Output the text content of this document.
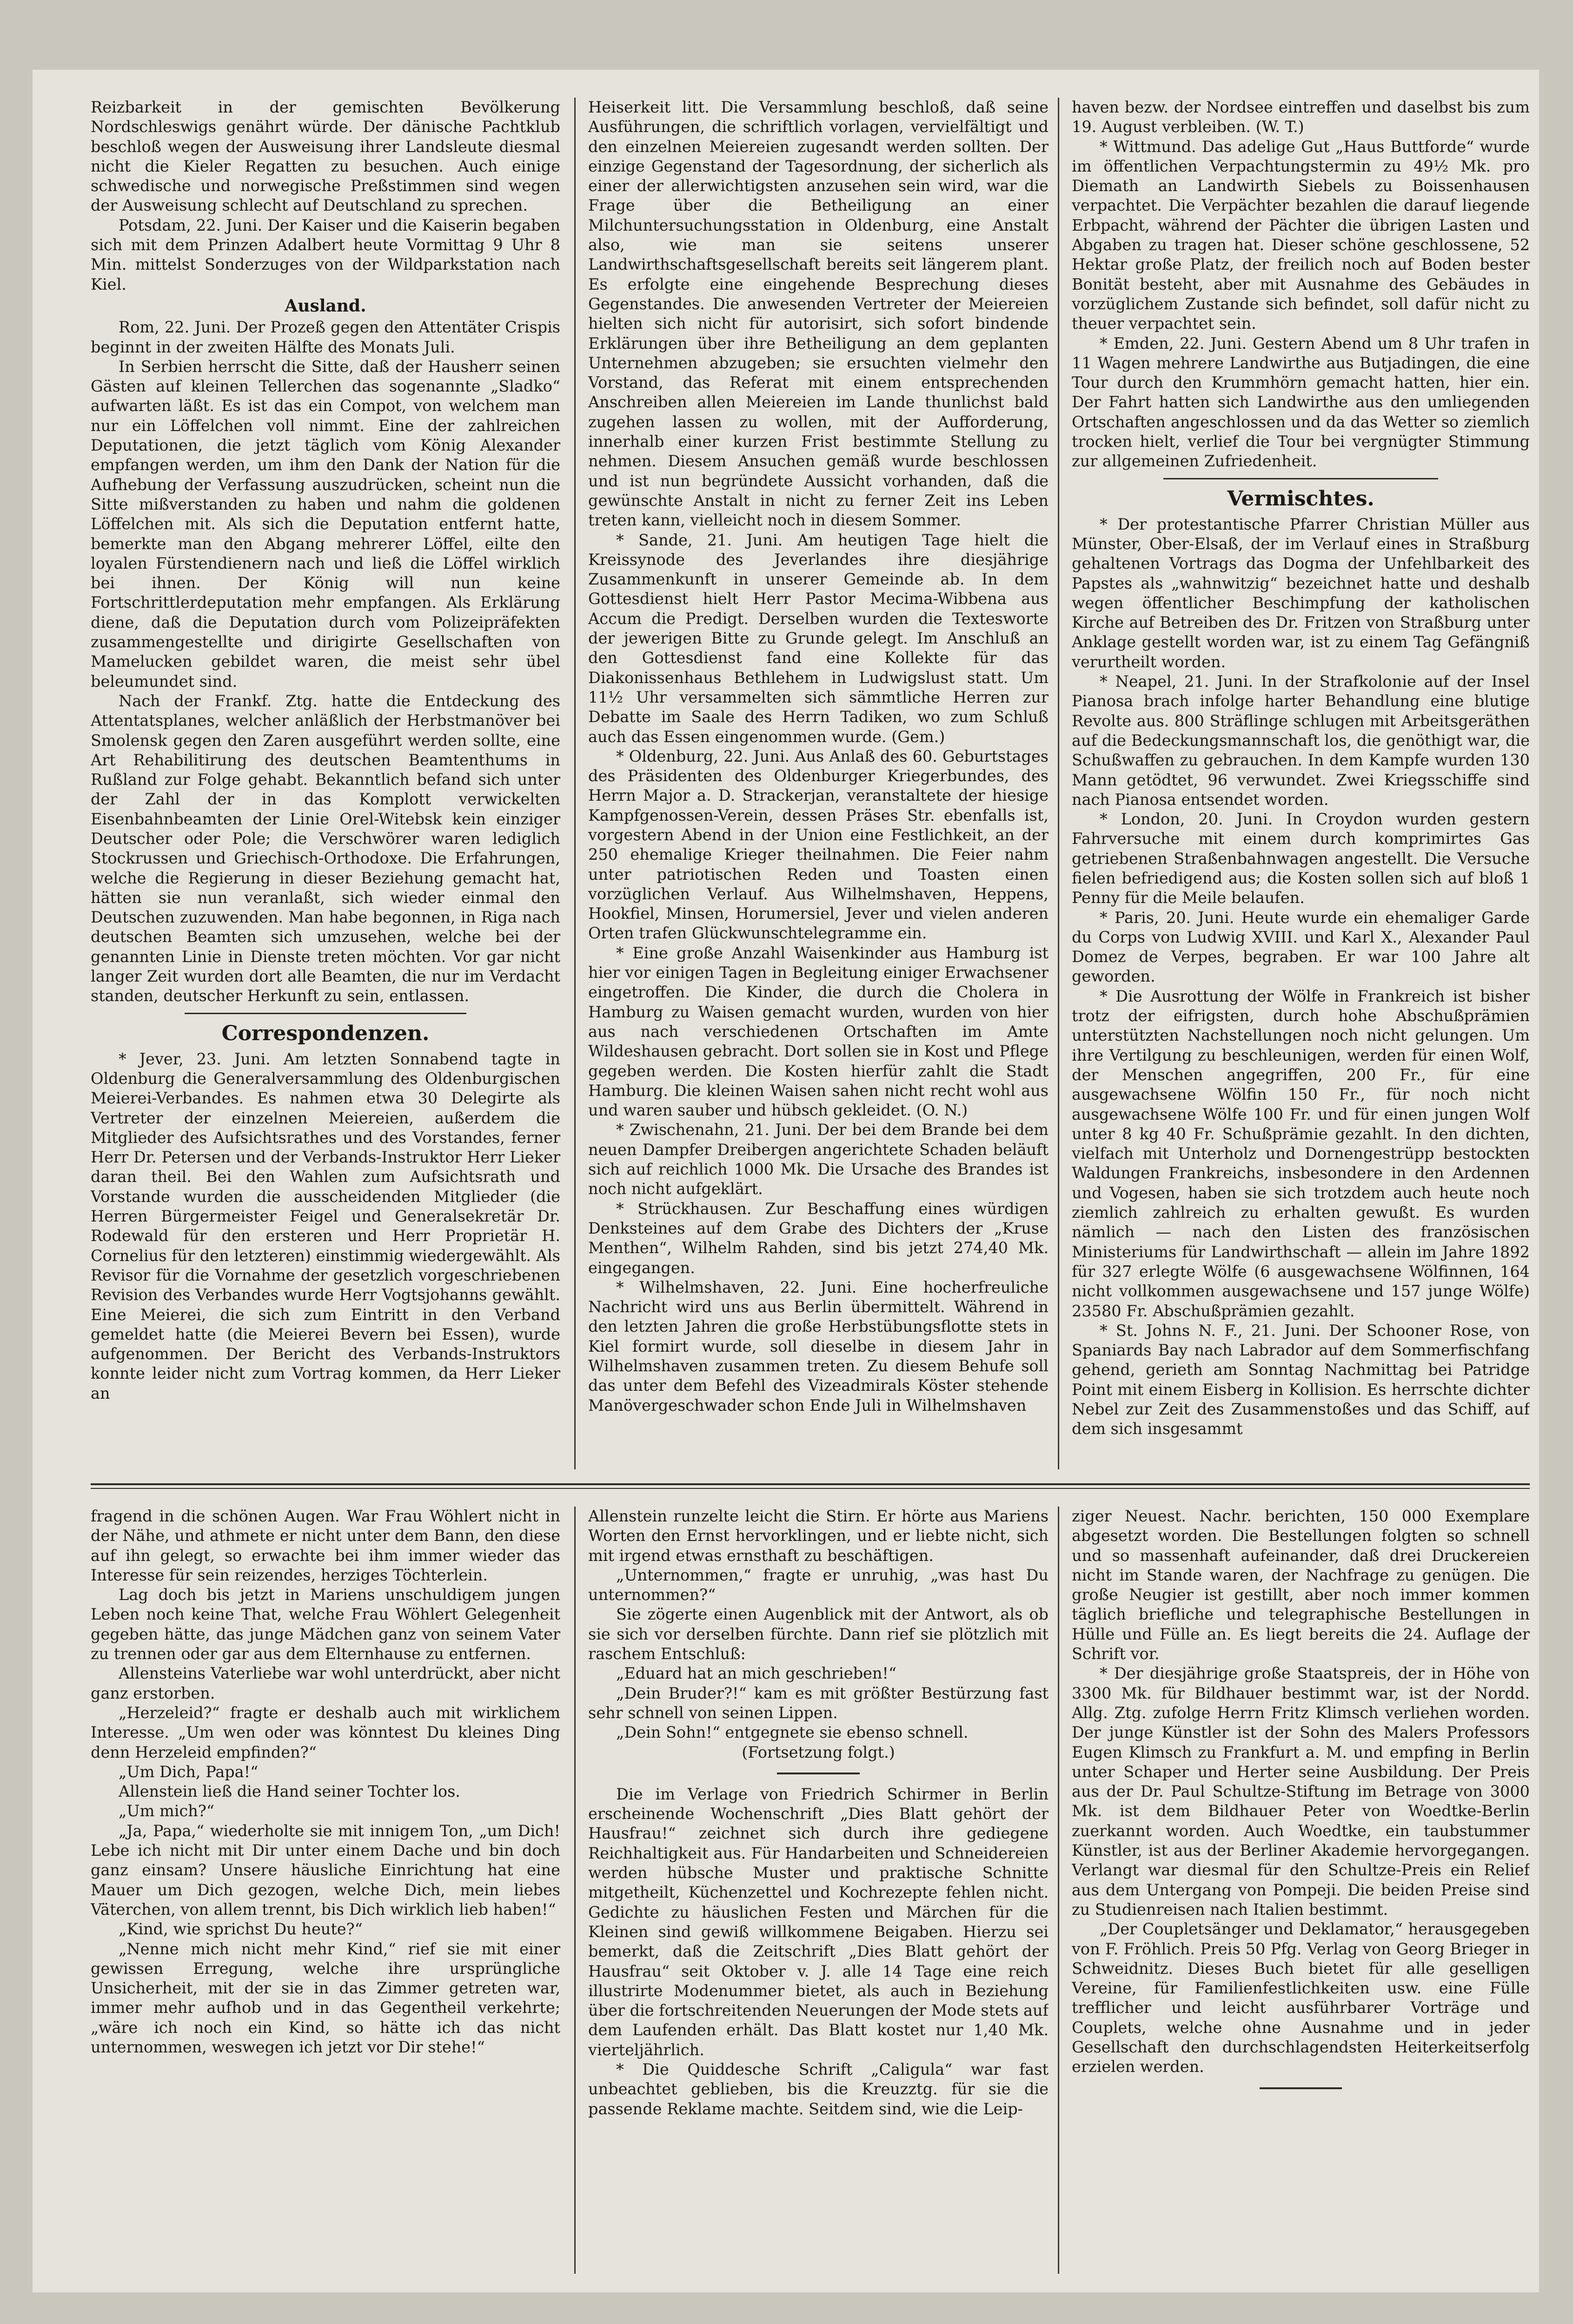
Reizbarkeit in der gemischten Bevölkerung Nordschleswigs genährt würde. Der dänische Pachtklub beschloß wegen der Ausweisung ihrer Landsleute diesmal nicht die Kieler Regatten zu besuchen. Auch einige schwedische und norwegische Preßstimmen sind wegen der Ausweisung schlecht auf Deutschland zu sprechen.

Potsdam, 22. Juni. Der Kaiser und die Kaiserin begaben sich mit dem Prinzen Adalbert heute Vormittag 9 Uhr 8 Min. mittelst Sonderzuges von der Wildparkstation nach Kiel.

Ausland.

Rom, 22. Juni. Der Prozeß gegen den Attentäter Crispis beginnt in der zweiten Hälfte des Monats Juli.

In Serbien herrscht die Sitte, daß der Hausherr seinen Gästen auf kleinen Tellerchen das sogenannte „Sladko“ aufwarten läßt. Es ist das ein Compot, von welchem man nur ein Löffelchen voll nimmt. Eine der zahlreichen Deputationen, die jetzt täglich vom König Alexander empfangen werden, um ihm den Dank der Nation für die Aufhebung der Verfassung auszudrücken, scheint nun die Sitte mißverstanden zu haben und nahm die goldenen Löffelchen mit. Als sich die Deputation entfernt hatte, bemerkte man den Abgang mehrerer Löffel, eilte den loyalen Fürstendienern nach und ließ die Löffel wirklich bei ihnen. Der König will nun keine Fortschrittlerdeputation mehr empfangen. Als Erklärung diene, daß die Deputation durch vom Polizeipräfekten zusammengestellte und dirigirte Gesellschaften von Mamelucken gebildet waren, die meist sehr übel beleumundet sind.

Nach der Frankf. Ztg. hatte die Entdeckung des Attentatsplanes, welcher anläßlich der Herbstmanöver bei Smolensk gegen den Zaren ausgeführt werden sollte, eine Art Rehabilitirung des deutschen Beamtenthums in Rußland zur Folge gehabt. Bekanntlich befand sich unter der Zahl der in das Komplott verwickelten Eisenbahnbeamten der Linie Orel-Witebsk kein einziger Deutscher oder Pole; die Verschwörer waren lediglich Stockrussen und Griechisch-Orthodoxe. Die Erfahrungen, welche die Regierung in dieser Beziehung gemacht hat, hätten sie nun veranlaßt, sich wieder einmal den Deutschen zuzuwenden. Man habe begonnen, in Riga nach deutschen Beamten sich umzusehen, welche bei der genannten Linie in Dienste treten möchten. Vor gar nicht langer Zeit wurden dort alle Beamten, die nur im Verdacht standen, deutscher Herkunft zu sein, entlassen.

Correspondenzen.

* Jever, 23. Juni. Am letzten Sonnabend tagte in Oldenburg die Generalversammlung des Oldenburgischen Meierei-Verbandes. Es nahmen etwa 30 Delegirte als Vertreter der einzelnen Meiereien, außerdem die Mitglieder des Aufsichtsrathes und des Vorstandes, ferner Herr Dr. Petersen und der Verbands-Instruktor Herr Lieker daran theil. Bei den Wahlen zum Aufsichtsrath und Vorstande wurden die ausscheidenden Mitglieder (die Herren Bürgermeister Feigel und Generalsekretär Dr. Rodewald für den ersteren und Herr Proprietär H. Cornelius für den letzteren) einstimmig wiedergewählt. Als Revisor für die Vornahme der gesetzlich vorgeschriebenen Revision des Verbandes wurde Herr Vogtsjohanns gewählt. Eine Meierei, die sich zum Eintritt in den Verband gemeldet hatte (die Meierei Bevern bei Essen), wurde aufgenommen. Der Bericht des Verbands-Instruktors konnte leider nicht zum Vortrag kommen, da Herr Lieker an

Heiserkeit litt. Die Versammlung beschloß, daß seine Ausführungen, die schriftlich vorlagen, vervielfältigt und den einzelnen Meiereien zugesandt werden sollten. Der einzige Gegenstand der Tagesordnung, der sicherlich als einer der allerwichtigsten anzusehen sein wird, war die Frage über die Betheiligung an einer Milchuntersuchungsstation in Oldenburg, eine Anstalt also, wie man sie seitens unserer Landwirthschaftsgesellschaft bereits seit längerem plant. Es erfolgte eine eingehende Besprechung dieses Gegenstandes. Die anwesenden Vertreter der Meiereien hielten sich nicht für autorisirt, sich sofort bindende Erklärungen über ihre Betheiligung an dem geplanten Unternehmen abzugeben; sie ersuchten vielmehr den Vorstand, das Referat mit einem entsprechenden Anschreiben allen Meiereien im Lande thunlichst bald zugehen lassen zu wollen, mit der Aufforderung, innerhalb einer kurzen Frist bestimmte Stellung zu nehmen. Diesem Ansuchen gemäß wurde beschlossen und ist nun begründete Aussicht vorhanden, daß die gewünschte Anstalt in nicht zu ferner Zeit ins Leben treten kann, vielleicht noch in diesem Sommer.

* Sande, 21. Juni. Am heutigen Tage hielt die Kreissynode des Jeverlandes ihre diesjährige Zusammenkunft in unserer Gemeinde ab. In dem Gottesdienst hielt Herr Pastor Mecima-Wibbena aus Accum die Predigt. Derselben wurden die Textesworte der jewerigen Bitte zu Grunde gelegt. Im Anschluß an den Gottesdienst fand eine Kollekte für das Diakonissenhaus Bethlehem in Ludwigslust statt. Um 11½ Uhr versammelten sich sämmtliche Herren zur Debatte im Saale des Herrn Tadiken, wo zum Schluß auch das Essen eingenommen wurde. (Gem.)

* Oldenburg, 22. Juni. Aus Anlaß des 60. Geburtstages des Präsidenten des Oldenburger Kriegerbundes, des Herrn Major a. D. Strackerjan, veranstaltete der hiesige Kampfgenossen-Verein, dessen Präses Str. ebenfalls ist, vorgestern Abend in der Union eine Festlichkeit, an der 250 ehemalige Krieger theilnahmen. Die Feier nahm unter patriotischen Reden und Toasten einen vorzüglichen Verlauf. Aus Wilhelmshaven, Heppens, Hookfiel, Minsen, Horumersiel, Jever und vielen anderen Orten trafen Glückwunschtelegramme ein.

* Eine große Anzahl Waisenkinder aus Hamburg ist hier vor einigen Tagen in Begleitung einiger Erwachsener eingetroffen. Die Kinder, die durch die Cholera in Hamburg zu Waisen gemacht wurden, wurden von hier aus nach verschiedenen Ortschaften im Amte Wildeshausen gebracht. Dort sollen sie in Kost und Pflege gegeben werden. Die Kosten hierfür zahlt die Stadt Hamburg. Die kleinen Waisen sahen nicht recht wohl aus und waren sauber und hübsch gekleidet. (O. N.)

* Zwischenahn, 21. Juni. Der bei dem Brande bei dem neuen Dampfer Dreibergen angerichtete Schaden beläuft sich auf reichlich 1000 Mk. Die Ursache des Brandes ist noch nicht aufgeklärt.

* Strückhausen. Zur Beschaffung eines würdigen Denksteines auf dem Grabe des Dichters der „Kruse Menthen“, Wilhelm Rahden, sind bis jetzt 274,40 Mk. eingegangen.

* Wilhelmshaven, 22. Juni. Eine hocherfreuliche Nachricht wird uns aus Berlin übermittelt. Während in den letzten Jahren die große Herbstübungsflotte stets in Kiel formirt wurde, soll dieselbe in diesem Jahr in Wilhelmshaven zusammen treten. Zu diesem Behufe soll das unter dem Befehl des Vizeadmirals Köster stehende Manövergeschwader schon Ende Juli in Wilhelmshaven

haven bezw. der Nordsee eintreffen und daselbst bis zum 19. August verbleiben. (W. T.)

* Wittmund. Das adelige Gut „Haus Buttforde“ wurde im öffentlichen Verpachtungstermin zu 49½ Mk. pro Diemath an Landwirth Siebels zu Boissenhausen verpachtet. Die Verpächter bezahlen die darauf liegende Erbpacht, während der Pächter die übrigen Lasten und Abgaben zu tragen hat. Dieser schöne geschlossene, 52 Hektar große Platz, der freilich noch auf Boden bester Bonität besteht, aber mit Ausnahme des Gebäudes in vorzüglichem Zustande sich befindet, soll dafür nicht zu theuer verpachtet sein.

* Emden, 22. Juni. Gestern Abend um 8 Uhr trafen in 11 Wagen mehrere Landwirthe aus Butjadingen, die eine Tour durch den Krummhörn gemacht hatten, hier ein. Der Fahrt hatten sich Landwirthe aus den umliegenden Ortschaften angeschlossen und da das Wetter so ziemlich trocken hielt, verlief die Tour bei vergnügter Stimmung zur allgemeinen Zufriedenheit.

Vermischtes.

* Der protestantische Pfarrer Christian Müller aus Münster, Ober-Elsaß, der im Verlauf eines in Straßburg gehaltenen Vortrags das Dogma der Unfehlbarkeit des Papstes als „wahnwitzig“ bezeichnet hatte und deshalb wegen öffentlicher Beschimpfung der katholischen Kirche auf Betreiben des Dr. Fritzen von Straßburg unter Anklage gestellt worden war, ist zu einem Tag Gefängniß verurtheilt worden.

* Neapel, 21. Juni. In der Strafkolonie auf der Insel Pianosa brach infolge harter Behandlung eine blutige Revolte aus. 800 Sträflinge schlugen mit Arbeitsgeräthen auf die Bedeckungsmannschaft los, die genöthigt war, die Schußwaffen zu gebrauchen. In dem Kampfe wurden 130 Mann getödtet, 96 verwundet. Zwei Kriegsschiffe sind nach Pianosa entsendet worden.

* London, 20. Juni. In Croydon wurden gestern Fahrversuche mit einem durch komprimirtes Gas getriebenen Straßenbahnwagen angestellt. Die Versuche fielen befriedigend aus; die Kosten sollen sich auf bloß 1 Penny für die Meile belaufen.

* Paris, 20. Juni. Heute wurde ein ehemaliger Garde du Corps von Ludwig XVIII. und Karl X., Alexander Paul Domez de Verpes, begraben. Er war 100 Jahre alt geworden.

* Die Ausrottung der Wölfe in Frankreich ist bisher trotz der eifrigsten, durch hohe Abschußprämien unterstützten Nachstellungen noch nicht gelungen. Um ihre Vertilgung zu beschleunigen, werden für einen Wolf, der Menschen angegriffen, 200 Fr., für eine ausgewachsene Wölfin 150 Fr., für noch nicht ausgewachsene Wölfe 100 Fr. und für einen jungen Wolf unter 8 kg 40 Fr. Schußprämie gezahlt. In den dichten, vielfach mit Unterholz und Dornengestrüpp bestockten Waldungen Frankreichs, insbesondere in den Ardennen und Vogesen, haben sie sich trotzdem auch heute noch ziemlich zahlreich zu erhalten gewußt. Es wurden nämlich — nach den Listen des französischen Ministeriums für Landwirthschaft — allein im Jahre 1892 für 327 erlegte Wölfe (6 ausgewachsene Wölfinnen, 164 nicht vollkommen ausgewachsene und 157 junge Wölfe) 23580 Fr. Abschußprämien gezahlt.

* St. Johns N. F., 21. Juni. Der Schooner Rose, von Spaniards Bay nach Labrador auf dem Sommerfischfang gehend, gerieth am Sonntag Nachmittag bei Patridge Point mit einem Eisberg in Kollision. Es herrschte dichter Nebel zur Zeit des Zusammenstoßes und das Schiff, auf dem sich insgesammt

fragend in die schönen Augen. War Frau Wöhlert nicht in der Nähe, und athmete er nicht unter dem Bann, den diese auf ihn gelegt, so erwachte bei ihm immer wieder das Interesse für sein reizendes, herziges Töchterlein.

Lag doch bis jetzt in Mariens unschuldigem jungen Leben noch keine That, welche Frau Wöhlert Gelegenheit gegeben hätte, das junge Mädchen ganz von seinem Vater zu trennen oder gar aus dem Elternhause zu entfernen.

Allensteins Vaterliebe war wohl unterdrückt, aber nicht ganz erstorben.

„Herzeleid?“ fragte er deshalb auch mit wirklichem Interesse. „Um wen oder was könntest Du kleines Ding denn Herzeleid empfinden?“

„Um Dich, Papa!“

Allenstein ließ die Hand seiner Tochter los.

„Um mich?“

„Ja, Papa,“ wiederholte sie mit innigem Ton, „um Dich! Lebe ich nicht mit Dir unter einem Dache und bin doch ganz einsam? Unsere häusliche Einrichtung hat eine Mauer um Dich gezogen, welche Dich, mein liebes Väterchen, von allem trennt, bis Dich wirklich lieb haben!“

„Kind, wie sprichst Du heute?“

„Nenne mich nicht mehr Kind,“ rief sie mit einer gewissen Erregung, welche ihre ursprüngliche Unsicherheit, mit der sie in das Zimmer getreten war, immer mehr aufhob und in das Gegentheil verkehrte; „wäre ich noch ein Kind, so hätte ich das nicht unternommen, weswegen ich jetzt vor Dir stehe!“

Allenstein runzelte leicht die Stirn. Er hörte aus Mariens Worten den Ernst hervorklingen, und er liebte nicht, sich mit irgend etwas ernsthaft zu beschäftigen.

„Unternommen,“ fragte er unruhig, „was hast Du unternommen?“

Sie zögerte einen Augenblick mit der Antwort, als ob sie sich vor derselben fürchte. Dann rief sie plötzlich mit raschem Entschluß:

„Eduard hat an mich geschrieben!“

„Dein Bruder?!“ kam es mit größter Bestürzung fast sehr schnell von seinen Lippen.

„Dein Sohn!“ entgegnete sie ebenso schnell.

(Fortsetzung folgt.)

Die im Verlage von Friedrich Schirmer in Berlin erscheinende Wochenschrift „Dies Blatt gehört der Hausfrau!“ zeichnet sich durch ihre gediegene Reichhaltigkeit aus. Für Handarbeiten und Schneidereien werden hübsche Muster und praktische Schnitte mitgetheilt, Küchenzettel und Kochrezepte fehlen nicht. Gedichte zu häuslichen Festen und Märchen für die Kleinen sind gewiß willkommene Beigaben. Hierzu sei bemerkt, daß die Zeitschrift „Dies Blatt gehört der Hausfrau“ seit Oktober v. J. alle 14 Tage eine reich illustrirte Modenummer bietet, als auch in Beziehung über die fortschreitenden Neuerungen der Mode stets auf dem Laufenden erhält. Das Blatt kostet nur 1,40 Mk. vierteljährlich.

* Die Quiddesche Schrift „Caligula“ war fast unbeachtet geblieben, bis die Kreuzztg. für sie die passende Reklame machte. Seitdem sind, wie die Leip-

ziger Neuest. Nachr. berichten, 150 000 Exemplare abgesetzt worden. Die Bestellungen folgten so schnell und so massenhaft aufeinander, daß drei Druckereien nicht im Stande waren, der Nachfrage zu genügen. Die große Neugier ist gestillt, aber noch immer kommen täglich briefliche und telegraphische Bestellungen in Hülle und Fülle an. Es liegt bereits die 24. Auflage der Schrift vor.

* Der diesjährige große Staatspreis, der in Höhe von 3300 Mk. für Bildhauer bestimmt war, ist der Nordd. Allg. Ztg. zufolge Herrn Fritz Klimsch verliehen worden. Der junge Künstler ist der Sohn des Malers Professors Eugen Klimsch zu Frankfurt a. M. und empfing in Berlin unter Schaper und Herter seine Ausbildung. Der Preis aus der Dr. Paul Schultze-Stiftung im Betrage von 3000 Mk. ist dem Bildhauer Peter von Woedtke-Berlin zuerkannt worden. Auch Woedtke, ein taubstummer Künstler, ist aus der Berliner Akademie hervorgegangen. Verlangt war diesmal für den Schultze-Preis ein Relief aus dem Untergang von Pompeji. Die beiden Preise sind zu Studienreisen nach Italien bestimmt.

„Der Coupletsänger und Deklamator,“ herausgegeben von F. Fröhlich. Preis 50 Pfg. Verlag von Georg Brieger in Schweidnitz. Dieses Buch bietet für alle geselligen Vereine, für Familienfestlichkeiten usw. eine Fülle trefflicher und leicht ausführbarer Vorträge und Couplets, welche ohne Ausnahme und in jeder Gesellschaft den durchschlagendsten Heiterkeitserfolg erzielen werden.
